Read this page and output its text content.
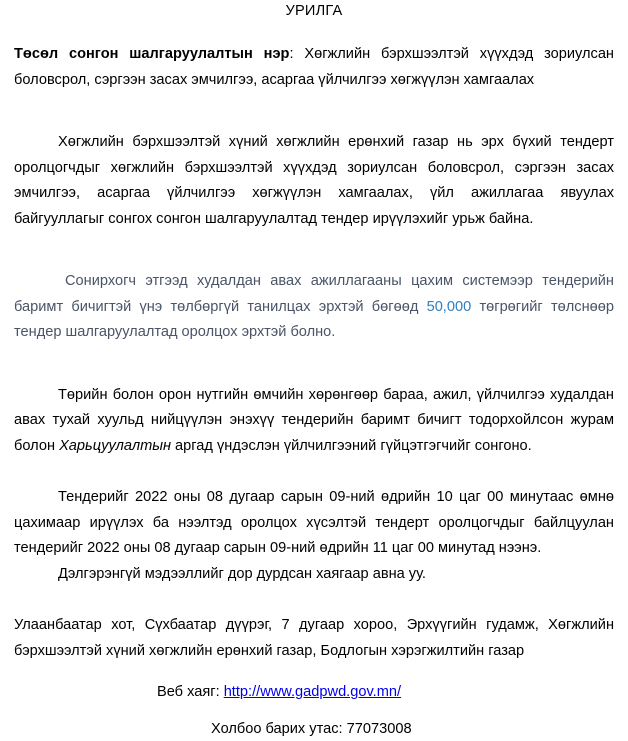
УРИЛГА

Төсөл сонгон шалгаруулалтын нэр: Хөгжлийн бэрхшээлтэй хүүхдэд зориулсан боловсрол, сэргээн засах эмчилгээ, асаргаа үйлчилгээ хөгжүүлэн хамгаалах

Хөгжлийн бэрхшээлтэй хүний хөгжлийн ерөнхий газар нь эрх бүхий тендерт оролцогчдыг хөгжлийн бэрхшээлтэй хүүхдэд зориулсан боловсрол, сэргээн засах эмчилгээ, асаргаа үйлчилгээ хөгжүүлэн хамгаалах, үйл ажиллагаа явуулах байгууллагыг сонгох сонгон шалгаруулалтад тендер ирүүлэхийг урьж байна.

Сонирхогч этгээд худалдан авах ажиллагааны цахим системээр тендерийн баримт бичигтэй үнэ төлбөргүй танилцах эрхтэй бөгөөд 50,000 төгрөгийг төлснөөр тендер шалгаруулалтад оролцох эрхтэй болно.

Төрийн болон орон нутгийн өмчийн хөрөнгөөр бараа, ажил, үйлчилгээ худалдан авах тухай хуульд нийцүүлэн энэхүү тендерийн баримт бичигт тодорхойлсон журам болон Харьцуулалтын аргад үндэслэн үйлчилгээний гүйцэтгэгчийг сонгоно.

Тендерийг 2022 оны 08 дугаар сарын 09-ний өдрийн 10 цаг 00 минутаас өмнө цахимаар ирүүлэх ба нээлтэд оролцох хүсэлтэй тендерт оролцогчдыг байлцуулан тендерийг 2022 оны 08 дугаар сарын 09-ний өдрийн 11 цаг 00 минутад нээнэ.

Дэлгэрэнгүй мэдээллийг дор дурдсан хаягаар авна уу.

Улаанбаатар хот, Сүхбаатар дүүрэг, 7 дугаар хороо, Эрхүүгийн гудамж, Хөгжлийн бэрхшээлтэй хүний хөгжлийн ерөнхий газар, Бодлогын хэрэгжилтийн газар

Веб хаяг: http://www.gadpwd.gov.mn/
Холбоо барих утас: 77073008
